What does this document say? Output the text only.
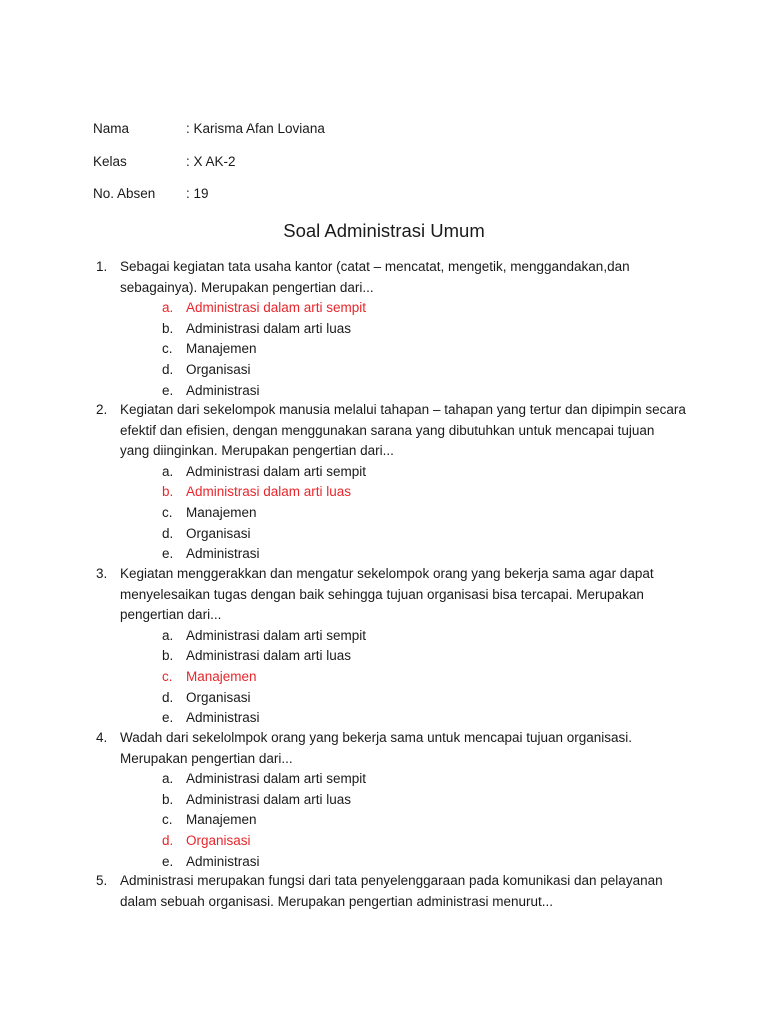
Nama	: Karisma Afan Loviana
Kelas	: X AK-2
No. Absen : 19
Soal Administrasi Umum
1. Sebagai kegiatan tata usaha kantor (catat – mencatat, mengetik, menggandakan,dan sebagainya). Merupakan pengertian dari...
a. Administrasi dalam arti sempit
b. Administrasi dalam arti luas
c. Manajemen
d. Organisasi
e. Administrasi
2. Kegiatan dari sekelompok manusia melalui tahapan – tahapan yang tertur dan dipimpin secara efektif dan efisien, dengan menggunakan sarana yang dibutuhkan untuk mencapai tujuan yang diinginkan. Merupakan pengertian dari...
a. Administrasi dalam arti sempit
b. Administrasi dalam arti luas
c. Manajemen
d. Organisasi
e. Administrasi
3. Kegiatan menggerakkan dan mengatur sekelompok orang yang bekerja sama agar dapat menyelesaikan tugas dengan baik sehingga tujuan organisasi bisa tercapai. Merupakan pengertian dari...
a. Administrasi dalam arti sempit
b. Administrasi dalam arti luas
c. Manajemen
d. Organisasi
e. Administrasi
4. Wadah dari sekelolmpok orang yang bekerja sama untuk mencapai tujuan organisasi. Merupakan pengertian dari...
a. Administrasi dalam arti sempit
b. Administrasi dalam arti luas
c. Manajemen
d. Organisasi
e. Administrasi
5. Administrasi merupakan fungsi dari tata penyelenggaraan pada komunikasi dan pelayanan dalam sebuah organisasi. Merupakan pengertian administrasi menurut...
